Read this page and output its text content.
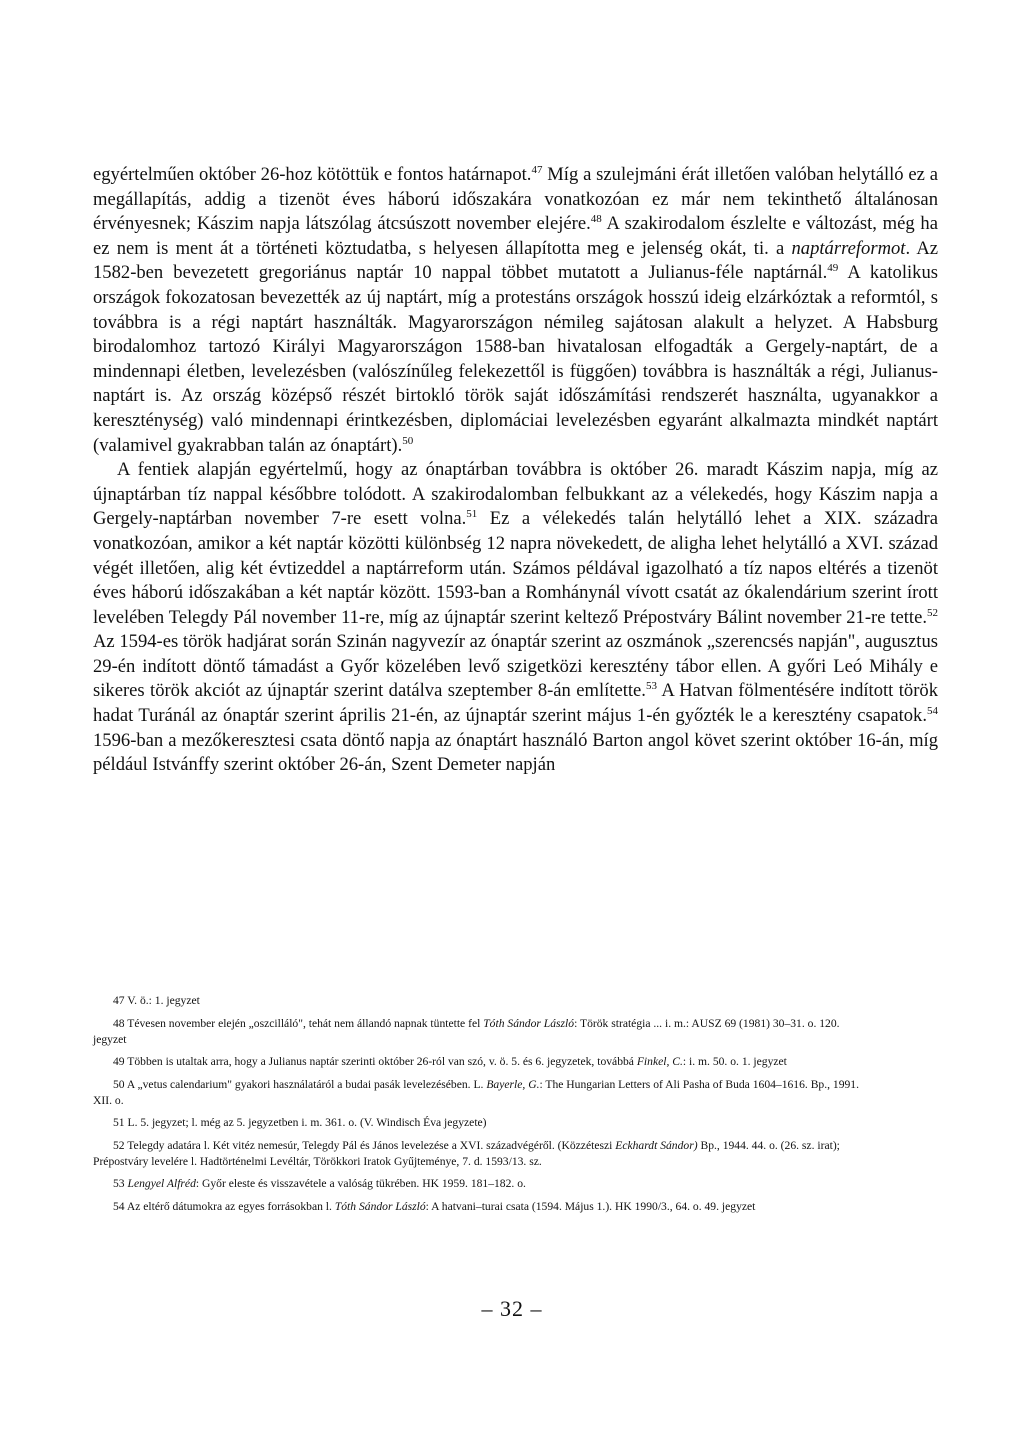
egyértelműen október 26-hoz kötöttük e fontos határnapot.$^{47}$ Míg a szulejmáni érát illetően valóban helytálló ez a megállapítás, addig a tizenöt éves háború időszakára vonatkozóan ez már nem tekinthető általánosan érvényesnek; Kászim napja látszólag átcsúszott november elejére.$^{48}$ A szakirodalom észlelte e változást, még ha ez nem is ment át a történeti köztudatba, s helyesen állapította meg e jelenség okát, ti. a naptárreformot. Az 1582-ben bevezetett gregoriánus naptár 10 nappal többet mutatott a Julianus-féle naptárnál.$^{49}$ A katolikus országok fokozatosan bevezették az új naptárt, míg a protestáns országok hosszú ideig elzárkóztak a reformtól, s továbbra is a régi naptárt használták. Magyarországon némileg sajátosan alakult a helyzet. A Habsburg birodalomhoz tartozó Királyi Magyarországon 1588-ban hivatalosan elfogadták a Gergely-naptárt, de a mindennapi életben, levelezésben (valószínűleg felekezettől is függően) továbbra is használták a régi, Julianus-naptárt is. Az ország középső részét birtokló török saját időszámítási rendszerét használta, ugyanakkor a kereszténység) való mindennapi érintkezésben, diplomáciai levelezésben egyaránt alkalmazta mindkét naptárt (valamivel gyakrabban talán az ónaptárt).$^{50}$

A fentiek alapján egyértelmű, hogy az ónaptárban továbbra is október 26. maradt Kászim napja, míg az újnaptárban tíz nappal későbbre tolódott. A szakirodalomban felbukkant az a vélekedés, hogy Kászim napja a Gergely-naptárban november 7-re esett volna.$^{51}$ Ez a vélekedés talán helytálló lehet a XIX. századra vonatkozóan, amikor a két naptár közötti különbség 12 napra növekedett, de aligha lehet helytálló a XVI. század végét illetően, alig két évtizeddel a naptárreform után. Számos példával igazolható a tíz napos eltérés a tizenöt éves háború időszakában a két naptár között. 1593-ban a Romhánynál vívott csatát az ókalendárium szerint írott levelében Telegdy Pál november 11-re, míg az újnaptár szerint keltező Prépostváry Bálint november 21-re tette.$^{52}$ Az 1594-es török hadjárat során Szinán nagyvezír az ónaptár szerint az oszmánok „szerencsés napján", augusztus 29-én indított döntő támadást a Győr közelében levő szigetközi keresztény tábor ellen. A győri Leó Mihály e sikeres török akciót az újnaptár szerint datálva szeptember 8-án említette.$^{53}$ A Hatvan fölmentésére indított török hadat Turánál az ónaptár szerint április 21-én, az újnaptár szerint május 1-én győzték le a keresztény csapatok.$^{54}$ 1596-ban a mezőkeresztesi csata döntő napja az ónaptárt használó Barton angol követ szerint október 16-án, míg például Istvánffy szerint október 26-án, Szent Demeter napján

47 V. ö.: 1. jegyzet

48 Tévesen november elején „oszcilláló", tehát nem állandó napnak tüntette fel Tóth Sándor László: Török stratégia ... i. m.: AUSZ 69 (1981) 30–31. o. 120. jegyzet

49 Többen is utaltak arra, hogy a Julianus naptár szerinti október 26-ról van szó, v. ö. 5. és 6. jegyzetek, továbbá Finkel, C.: i. m. 50. o. 1. jegyzet

50 A „vetus calendarium" gyakori használatáról a budai pasák levelezésében. L. Bayerle, G.: The Hungarian Letters of Ali Pasha of Buda 1604–1616. Bp., 1991. XII. o.

51 L. 5. jegyzet; l. még az 5. jegyzetben i. m. 361. o. (V. Windisch Éva jegyzete)

52 Telegdy adatára l. Két vitéz nemesúr, Telegdy Pál és János levelezése a XVI. századvégéről. (Közzéteszi Eckhardt Sándor) Bp., 1944. 44. o. (26. sz. irat); Prépostváry levelére l. Hadtörténelmi Levéltár, Törökkori Iratok Gyűjteménye, 7. d. 1593/13. sz.

53 Lengyel Alfréd: Győr eleste és visszavétele a valóság tükrében. HK 1959. 181–182. o.

54 Az eltérő dátumokra az egyes forrásokban l. Tóth Sándor László: A hatvani–turai csata (1594. Május 1.). HK 1990/3., 64. o. 49. jegyzet

– 32 –
